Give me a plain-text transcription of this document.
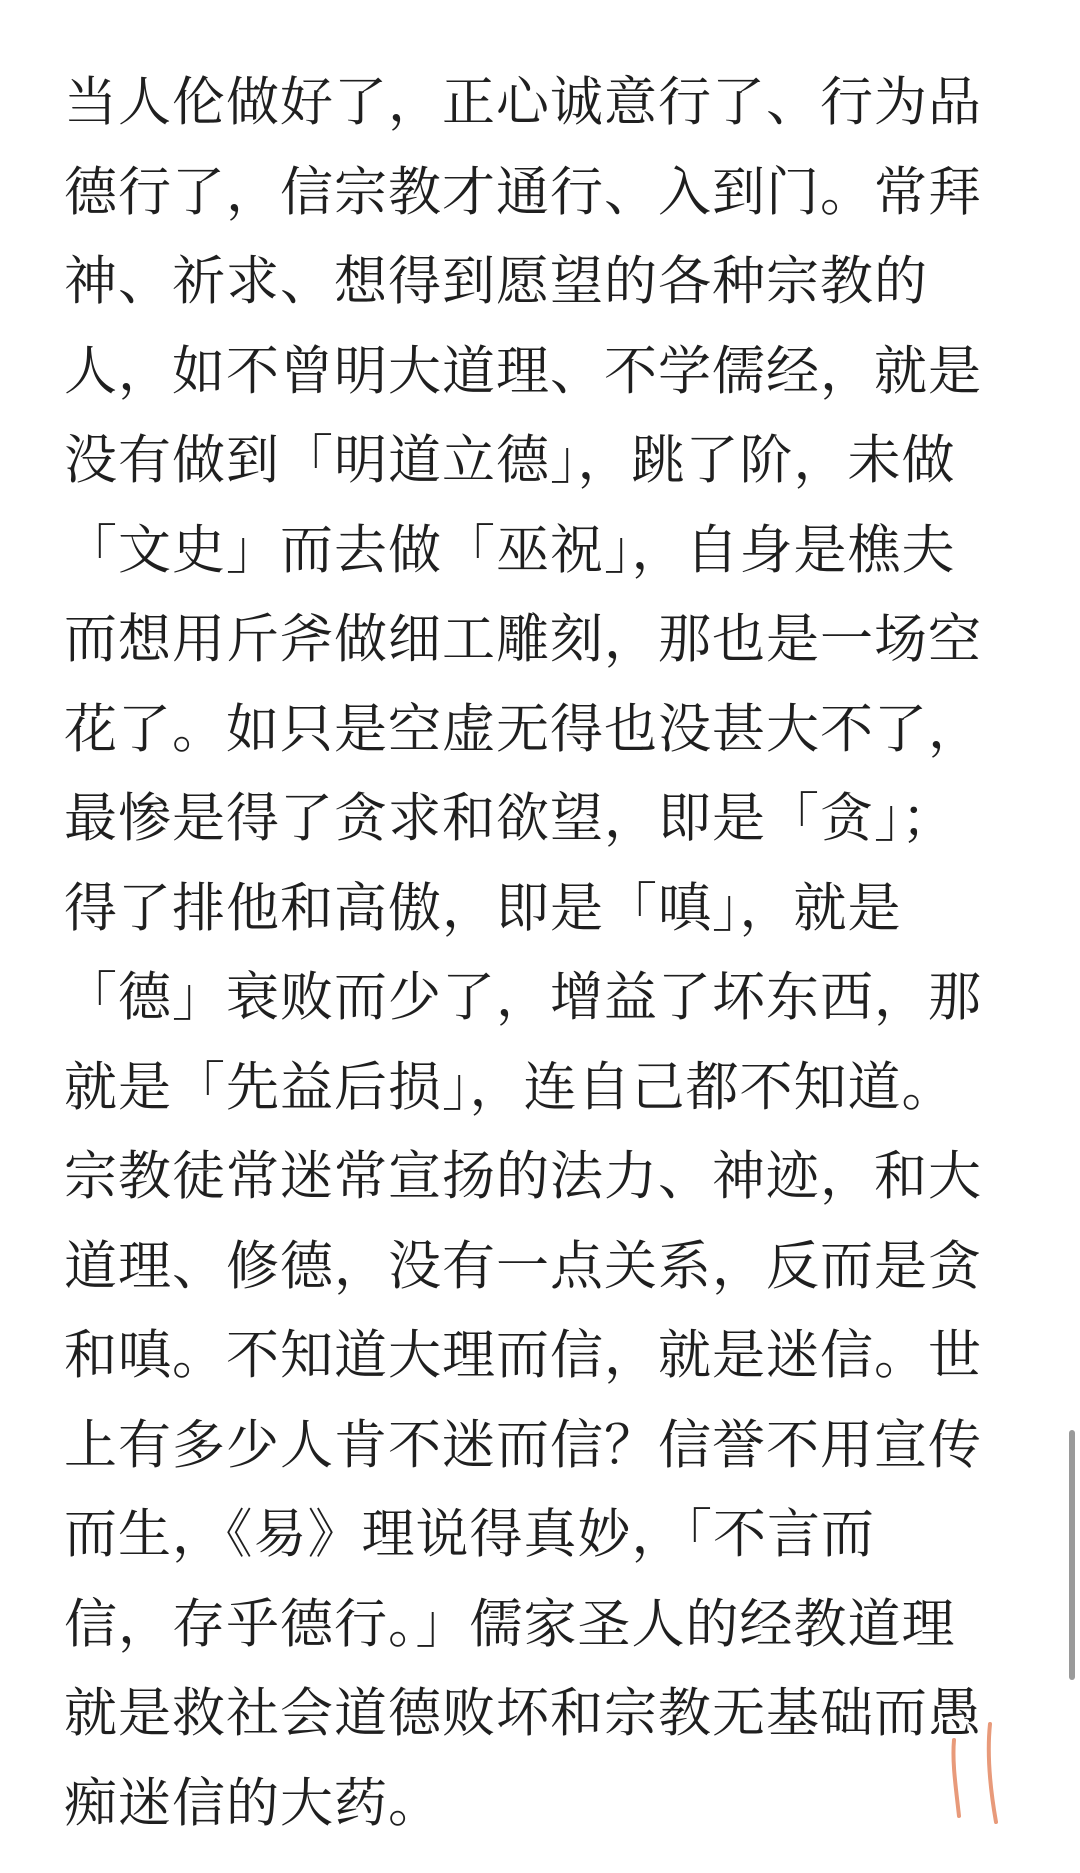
当人伦做好了，正心诚意行了、行为品
德行了，信宗教才通行、入到门。常拜
神、祈求、想得到愿望的各种宗教的
人，如不曾明大道理、不学儒经，就是
没有做到「明道立德」，跳了阶，未做
「文史」而去做「巫祝」，自身是樵夫
而想用斤斧做细工雕刻，那也是一场空
花了。如只是空虚无得也没甚大不了，
最惨是得了贪求和欲望，即是「贪」；
得了排他和高傲，即是「嗔」，就是
「德」衰败而少了，增益了坏东西，那
就是「先益后损」，连自己都不知道。
宗教徒常迷常宣扬的法力、神迹，和大
道理、修德，没有一点关系，反而是贪
和嗔。不知道大理而信，就是迷信。世
上有多少人肯不迷而信？信誉不用宣传
而生，《易》理说得真妙，「不言而
信，存乎德行。」儒家圣人的经教道理
就是救社会道德败坏和宗教无基础而愚
痴迷信的大药。
